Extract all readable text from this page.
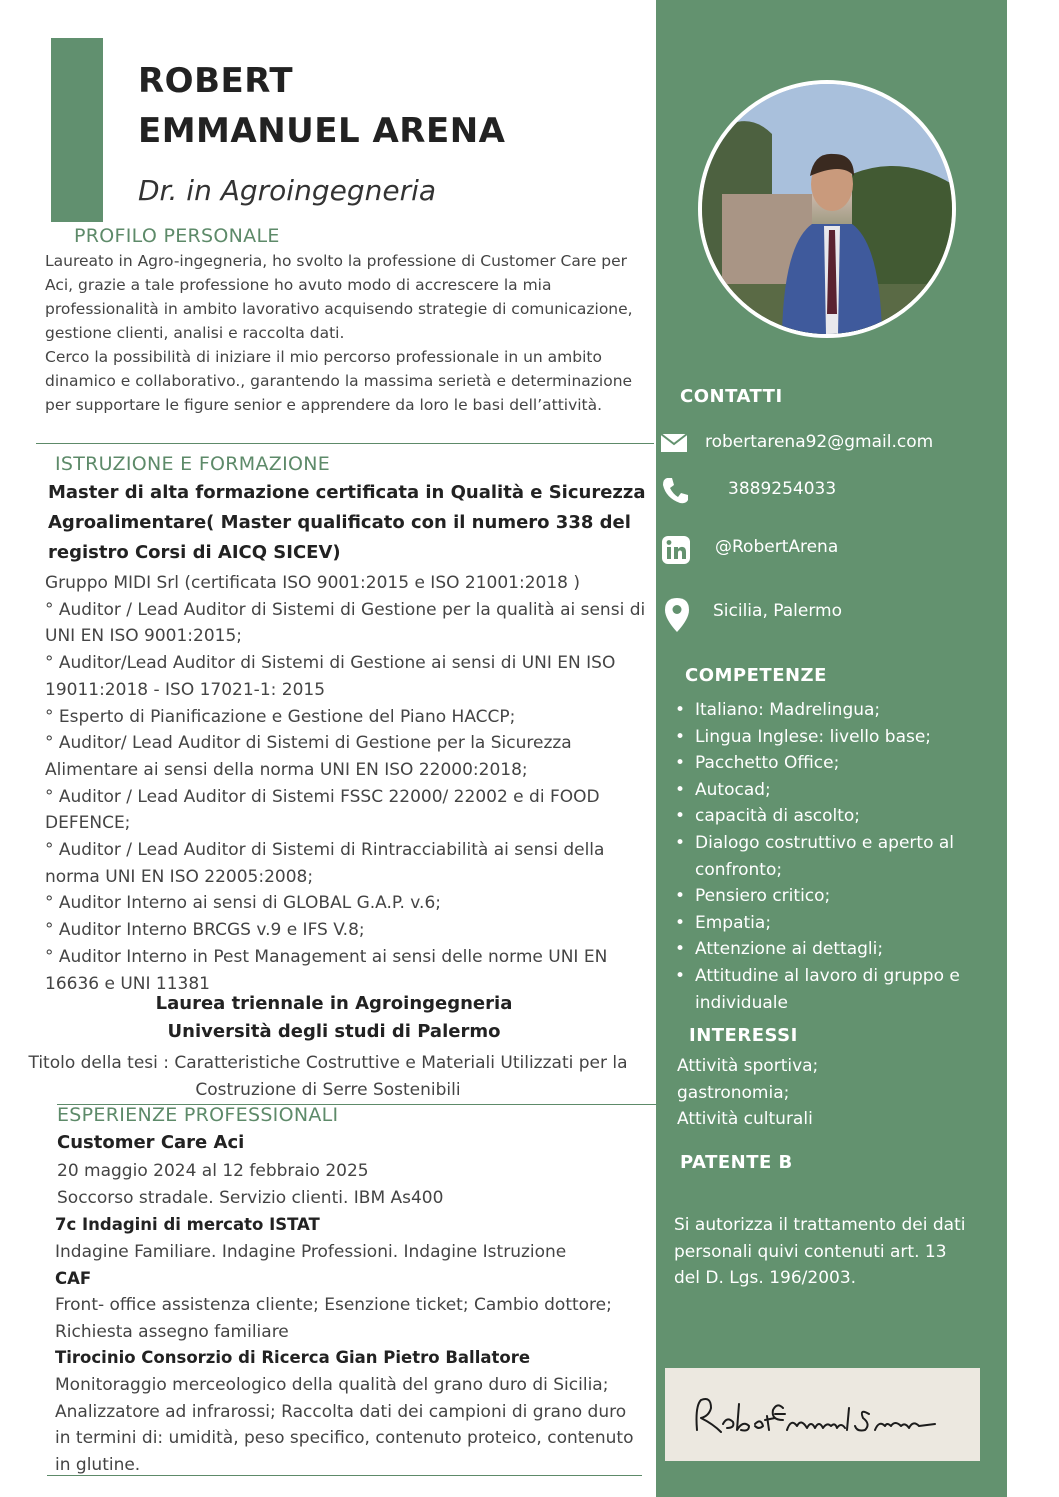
ROBERT
EMMANUEL ARENA
Dr. in Agroingegneria
PROFILO PERSONALE

Laureato in Agro-ingegneria, ho svolto la professione di Customer Care per Aci, grazie a tale professione ho avuto modo di accrescere la mia professionalità in ambito lavorativo acquisendo strategie di comunicazione, gestione clienti, analisi e raccolta dati.

Cerco la possibilità di iniziare il mio percorso professionale in un ambito dinamico e collaborativo., garantendo la massima serietà e determinazione per supportare le figure senior e apprendere da loro le basi dell’attività.

ISTRUZIONE E FORMAZIONE
Master di alta formazione certificata in Qualità e Sicurezza Agroalimentare( Master qualificato con il numero 338 del registro Corsi di AICQ SICEV)
Gruppo MIDI Srl (certificata ISO 9001:2015 e ISO 21001:2018 )
° Auditor / Lead Auditor di Sistemi di Gestione per la qualità ai sensi di UNI EN ISO 9001:2015;
° Auditor/Lead Auditor di Sistemi di Gestione ai sensi di UNI EN ISO 19011:2018 - ISO 17021-1: 2015
° Esperto di Pianificazione e Gestione del Piano HACCP;
° Auditor/ Lead Auditor di Sistemi di Gestione per la Sicurezza Alimentare ai sensi della norma UNI EN ISO 22000:2018;
° Auditor / Lead Auditor di Sistemi FSSC 22000/ 22002 e di FOOD DEFENCE;
° Auditor / Lead Auditor di Sistemi di Rintracciabilità ai sensi della norma UNI EN ISO 22005:2008;
° Auditor Interno ai sensi di GLOBAL G.A.P. v.6;
° Auditor Interno BRCGS v.9 e IFS V.8;
° Auditor Interno in Pest Management ai sensi delle norme UNI EN 16636 e UNI 11381
Laurea triennale in Agroingegneria
Università degli studi di Palermo
Titolo della tesi : Caratteristiche Costruttive e Materiali Utilizzati per la
Costruzione di Serre Sostenibili
ESPERIENZE PROFESSIONALI
Customer Care Aci
20 maggio 2024 al 12 febbraio 2025
Soccorso stradale. Servizio clienti. IBM As400
7c Indagini di mercato ISTAT
Indagine Familiare. Indagine Professioni. Indagine Istruzione
CAF
Front- office assistenza cliente; Esenzione ticket; Cambio dottore; Richiesta assegno familiare
Tirocinio Consorzio di Ricerca Gian Pietro Ballatore
Monitoraggio merceologico della qualità del grano duro di Sicilia; Analizzatore ad infrarossi; Raccolta dati dei campioni di grano duro in termini di: umidità, peso specifico, contenuto proteico, contenuto in glutine.
CONTATTI
robertarena92@gmail.com
3889254033
@RobertArena
Sicilia, Palermo
COMPETENZE
• Italiano: Madrelingua;
• Lingua Inglese: livello base;
• Pacchetto Office;
• Autocad;
• capacità di ascolto;
• Dialogo costruttivo e aperto al confronto;
• Pensiero critico;
• Empatia;
• Attenzione ai dettagli;
• Attitudine al lavoro di gruppo e individuale
INTERESSI
Attività sportiva;
gastronomia;
Attività culturali
PATENTE B
Si autorizza il trattamento dei dati personali quivi contenuti art. 13 del D. Lgs. 196/2003.
